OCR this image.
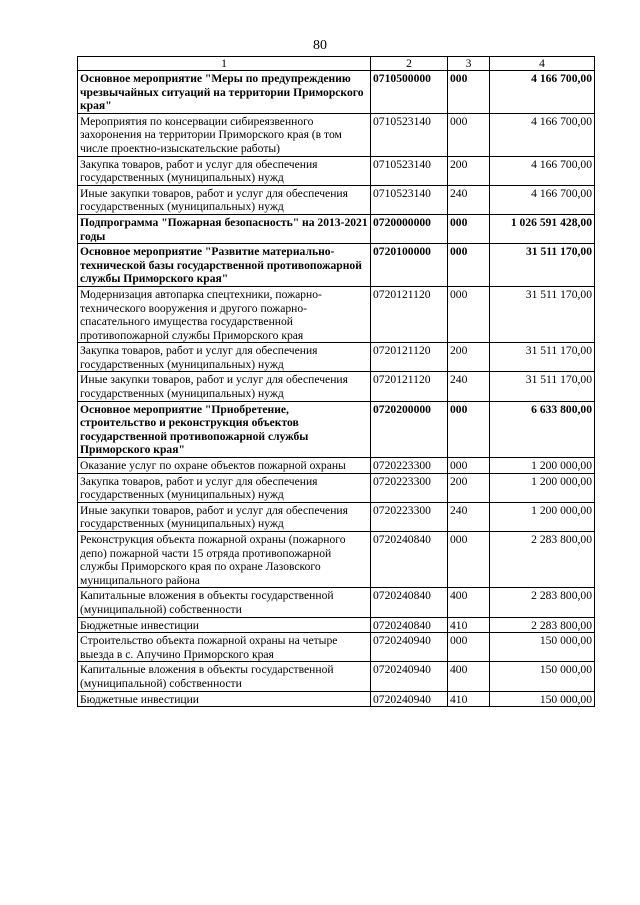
80
1	2	3	4
Основное мероприятие "Меры по предупреждению чрезвычайных ситуаций на территории Приморского края"	0710500000	000	4 166 700,00
Мероприятия по консервации сибиреязвенного захоронения на территории Приморского края (в том числе проектно-изыскательские работы)	0710523140	000	4 166 700,00
Закупка товаров, работ и услуг для обеспечения государственных (муниципальных) нужд	0710523140	200	4 166 700,00
Иные закупки товаров, работ и услуг для обеспечения государственных (муниципальных) нужд	0710523140	240	4 166 700,00
Подпрограмма "Пожарная безопасность" на 2013-2021 годы	0720000000	000	1 026 591 428,00
Основное мероприятие "Развитие материально-технической базы государственной противопожарной службы Приморского края"	0720100000	000	31 511 170,00
Модернизация автопарка спецтехники, пожарно-технического вооружения и другого пожарно-спасательного имущества государственной противопожарной службы Приморского края	0720121120	000	31 511 170,00
Закупка товаров, работ и услуг для обеспечения государственных (муниципальных) нужд	0720121120	200	31 511 170,00
Иные закупки товаров, работ и услуг для обеспечения государственных (муниципальных) нужд	0720121120	240	31 511 170,00
Основное мероприятие "Приобретение, строительство и реконструкция объектов государственной противопожарной службы Приморского края"	0720200000	000	6 633 800,00
Оказание услуг по охране объектов пожарной охраны	0720223300	000	1 200 000,00
Закупка товаров, работ и услуг для обеспечения государственных (муниципальных) нужд	0720223300	200	1 200 000,00
Иные закупки товаров, работ и услуг для обеспечения государственных (муниципальных) нужд	0720223300	240	1 200 000,00
Реконструкция объекта пожарной охраны (пожарного депо) пожарной части 15 отряда противопожарной службы Приморского края по охране Лазовского муниципального района	0720240840	000	2 283 800,00
Капитальные вложения в объекты государственной (муниципальной) собственности	0720240840	400	2 283 800,00
Бюджетные инвестиции	0720240840	410	2 283 800,00
Строительство объекта пожарной охраны на четыре выезда в с. Апучино Приморского края	0720240940	000	150 000,00
Капитальные вложения в объекты государственной (муниципальной) собственности	0720240940	400	150 000,00
Бюджетные инвестиции	0720240940	410	150 000,00
